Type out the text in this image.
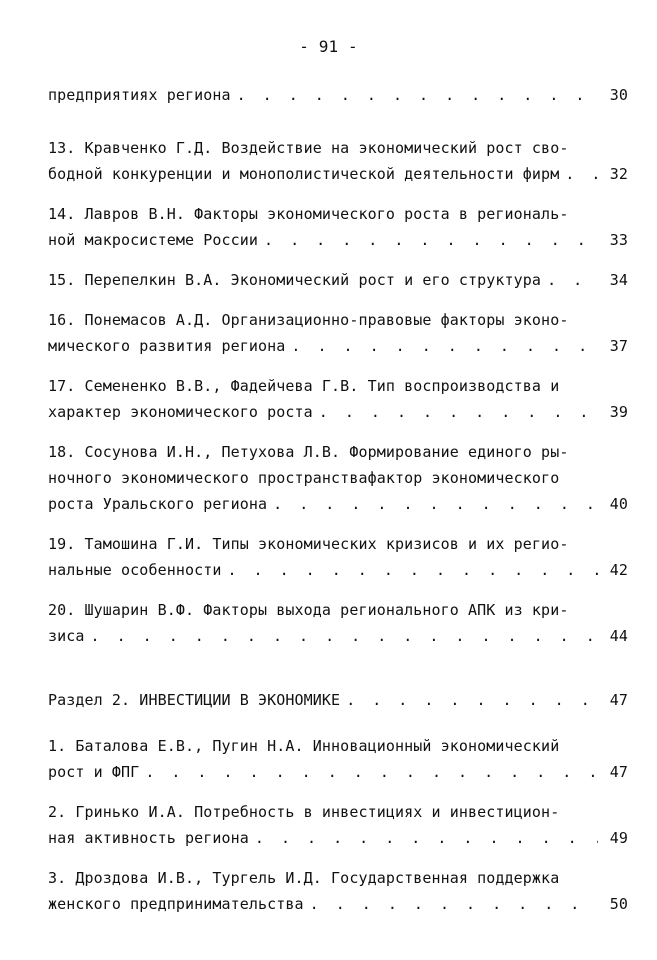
- 91 -
предприятиях региона . . .	30
13. Кравченко Г.Д. Воздействие на экономический рост сво-
бодной конкуренции и монополистической деятельности фирм . . .	32
14. Лавров В.Н. Факторы экономического роста в региональ-
ной макросистеме России . . .	33
15. Перепелкин В.А. Экономический рост и его структура . . .	34
16. Понемасов А.Д. Организационно-правовые факторы эконо-
мического развития региона . . .	37
17. Семененко В.В., Фадейчева Г.В. Тип воспроизводства и
характер экономического роста . . .	39
18. Сосунова И.Н., Петухова Л.В. Формирование единого ры-
ночного экономического пространствафактор экономического
роста Уральского региона . . .	40
19. Тамошина Г.И. Типы экономических кризисов и их регио-
нальные особенности . . .	42
20. Шушарин В.Ф. Факторы выхода регионального АПК из кри-
зиса . . .	44
Раздел 2. ИНВЕСТИЦИИ В ЭКОНОМИКЕ . . .	47
1. Баталова Е.В., Пугин Н.А. Инновационный экономический
рост и ФПГ . . .	47
2. Гринько И.А. Потребность в инвестициях и инвестицион-
ная активность региона . . .	49
3. Дроздова И.В., Тургель И.Д. Государственная поддержка
женского предпринимательства . . .	50
